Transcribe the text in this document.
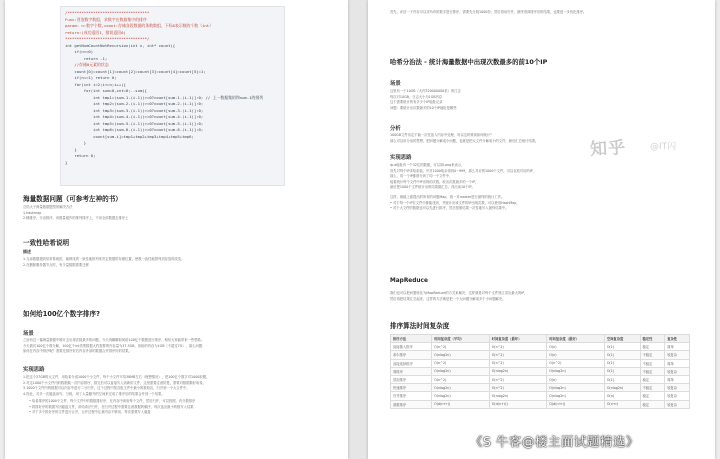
/***********************************
Func:冒泡数字数组，求数字在数据集中的排序
param: n:数字个数,count:存储各段数据的条数数组，下标0表示数的个数（int）
return:(成功返回1，错误返回0)
***********************************/
int getNumCountNotRecursion(int n, int* count){
if(n<=0)
return -1;
//存储0元素的状态
count[0]=count[1]=count[2]=count[3]=count[4]=count[5]=1;
if(n==1) return 0;
for(int i=2;i<=n;i++){
for(int sum=0,cnt=0;..sum){
int tmp1=(sum-1-(i-1))>=0?count[sum-1-(i-1)]:0; // 上一数据集的和sum-1的排列
int tmp2=(sum-2-(i-1))>=0?count[sum-2-(i-1)]:0;
int tmp3=(sum-3-(i-1))>=0?count[sum-3-(i-1)]:0;
int tmp4=(sum-4-(i-1))>=0?count[sum-4-(i-1)]:0;
int tmp5=(sum-5-(i-1))>=0?count[sum-5-(i-1)]:0;
int tmp6=(sum-6-(i-1))>=0?count[sum-6-(i-1)]:0;
count[sum-i]=tmp1+tmp2+tmp3+tmp4+tmp5+tmp6;
}
}
return 0;
}
海量数据问题（可参考左神的书）
总结大于海量数据题型的解决方法
1.hashmap
2.桶排序，分治排序，用数量级作的排列排序上，不用全部数据去排序上
一致性哈希说明
描述
1.当添数据遇到常常系统的，能够找到一致性地排列来决定数据的存储位置，使数一致性地排列到存放时改变。
2.在删除服务器节点时，有少量数据需要迁移
如何给100亿个数字排序?
场景
之前有过一篇海量数据中增计去出现次数最多的问题，今天再聊聊如何给100亿个数据进行排序，相信大家能带来一些思路。
今天我们100亿个数分解，100亿个int类型数据大约需要的内存量为37.3GB，但给的内存为1GB（不超过7G），那么问题：
如何在内存中排序呢？需要先排序好后内存外部的数据合并排序好的结果。
实现思路
1.把这个37GB的大文件，用哈希分成1000个小文件，每个小文件平均38MB左右（理想情况），把100亿个数字对1000取模，
2.对这1000个小文件内的数据做一次内存排序，排完后可以直接写入到新的文件，这里需要注意的是，需要对数据做好哈希，
3.1000个文件内的数据可以内存中进行二分归并。这个过程中按各组文件中最小的数取出，归并到一个大文件中。
4.因此，对多一次磁盘读写，分段，用了大量额外的空间来完成了排序后的结果合并到一个结果。
• 哈希排序的1000个文件，每个文件中的数据排好序，在内存中读取每个文件，然后归并，可以按照，有分数排序
• 将排好序的数据写回磁盘文件，用哈希法归并，在归并过程中需要注意数据的顺序，每次选出最小的数写入结果
• 对于多个排好序的文件进行合并，合并过程中注意内存不够用，每次需要写入磁盘
首先，评估一下内存可以对所有的数字进行排序，需要先分段1000份，然后再用归并，最终得到排序后的结果，也要进一步优化排序。
哈希分治法 - 统计海量数据中出现次数最多的前10个IP
场景
这里有一个10GB（大约320000000条）的日志
每次对10GB，日志大小为1GB内存
这个需要统计的有多少个IP地址记录
问题：要统计出次数最多的10个IP地址是哪些
分析
100GB文件肯定不能一次性放入内存中处理，所以这时候该如何统计？
那么可以用分治的思想，把问题分解成小问题，也就是把大文件分解成小的文件，最后汇总统计结果。
实现思路
ip-e地址有一个32位的数据，可以用Long来表示，
首先对每个IP求哈希值，并对1000取余得到0~999，那么对应的1000个文件，可以存放对应的IP，
那么，同一个IP都被分到了同一个文件中，
接着统计每个文件中IP出现的次数，取出次数最多的一个IP，
最后把1000个文件统计出的结果做汇总，得出前10个IP。
这样，就能上面提出的所有的问题Map，统一对master进行最终的统计工作。
• 对于每一个IP在文件中都能找到，并统计出该文件的IP出现次数，可以使用HashMap，
• 对于大文件的数据也可以先进行排序，然后按照结果一次性地写入最终结果中。
MapReduce
我们也可以把问题转化为MapReduce的方式来解决，这样就是对每个文件独立求出最大的IP，
然后再把结果汇总起来，这样的方法就是把一个大问题分解成多个小问题解决。
排序算法时间复杂度
排序方法	时间复杂度（平均）	时间复杂度（最坏）	时间复杂度（最好）	空间复杂度	稳定性	复杂性
直接插入排序	O(n^2)	O(n^2)	O(n)	O(1)	稳定	简单
希尔排序	O(nlog2n)	O(n^2)	O(n)	O(1)	不稳定	较复杂
直接选择排序	O(n^2)	O(n^2)	O(n^2)	O(1)	不稳定	简单
堆排序	O(nlog2n)	O(nlog2n)	O(nlog2n)	O(1)	不稳定	较复杂
冒泡排序	O(n^2)	O(n^2)	O(n)	O(1)	稳定	简单
快速排序	O(nlog2n)	O(n^2)	O(nlog2n)	O(nlog2n)	不稳定	较复杂
归并排序	O(nlog2n)	O(nlog2n)	O(nlog2n)	O(n)	稳定	较复杂
基数排序	O(d(n+r))	O(d(n+r))	O(d(n+r))	O(n+r)	稳定	较复杂
知乎	@IT闪
《S 牛客@楼主面试题精选》
